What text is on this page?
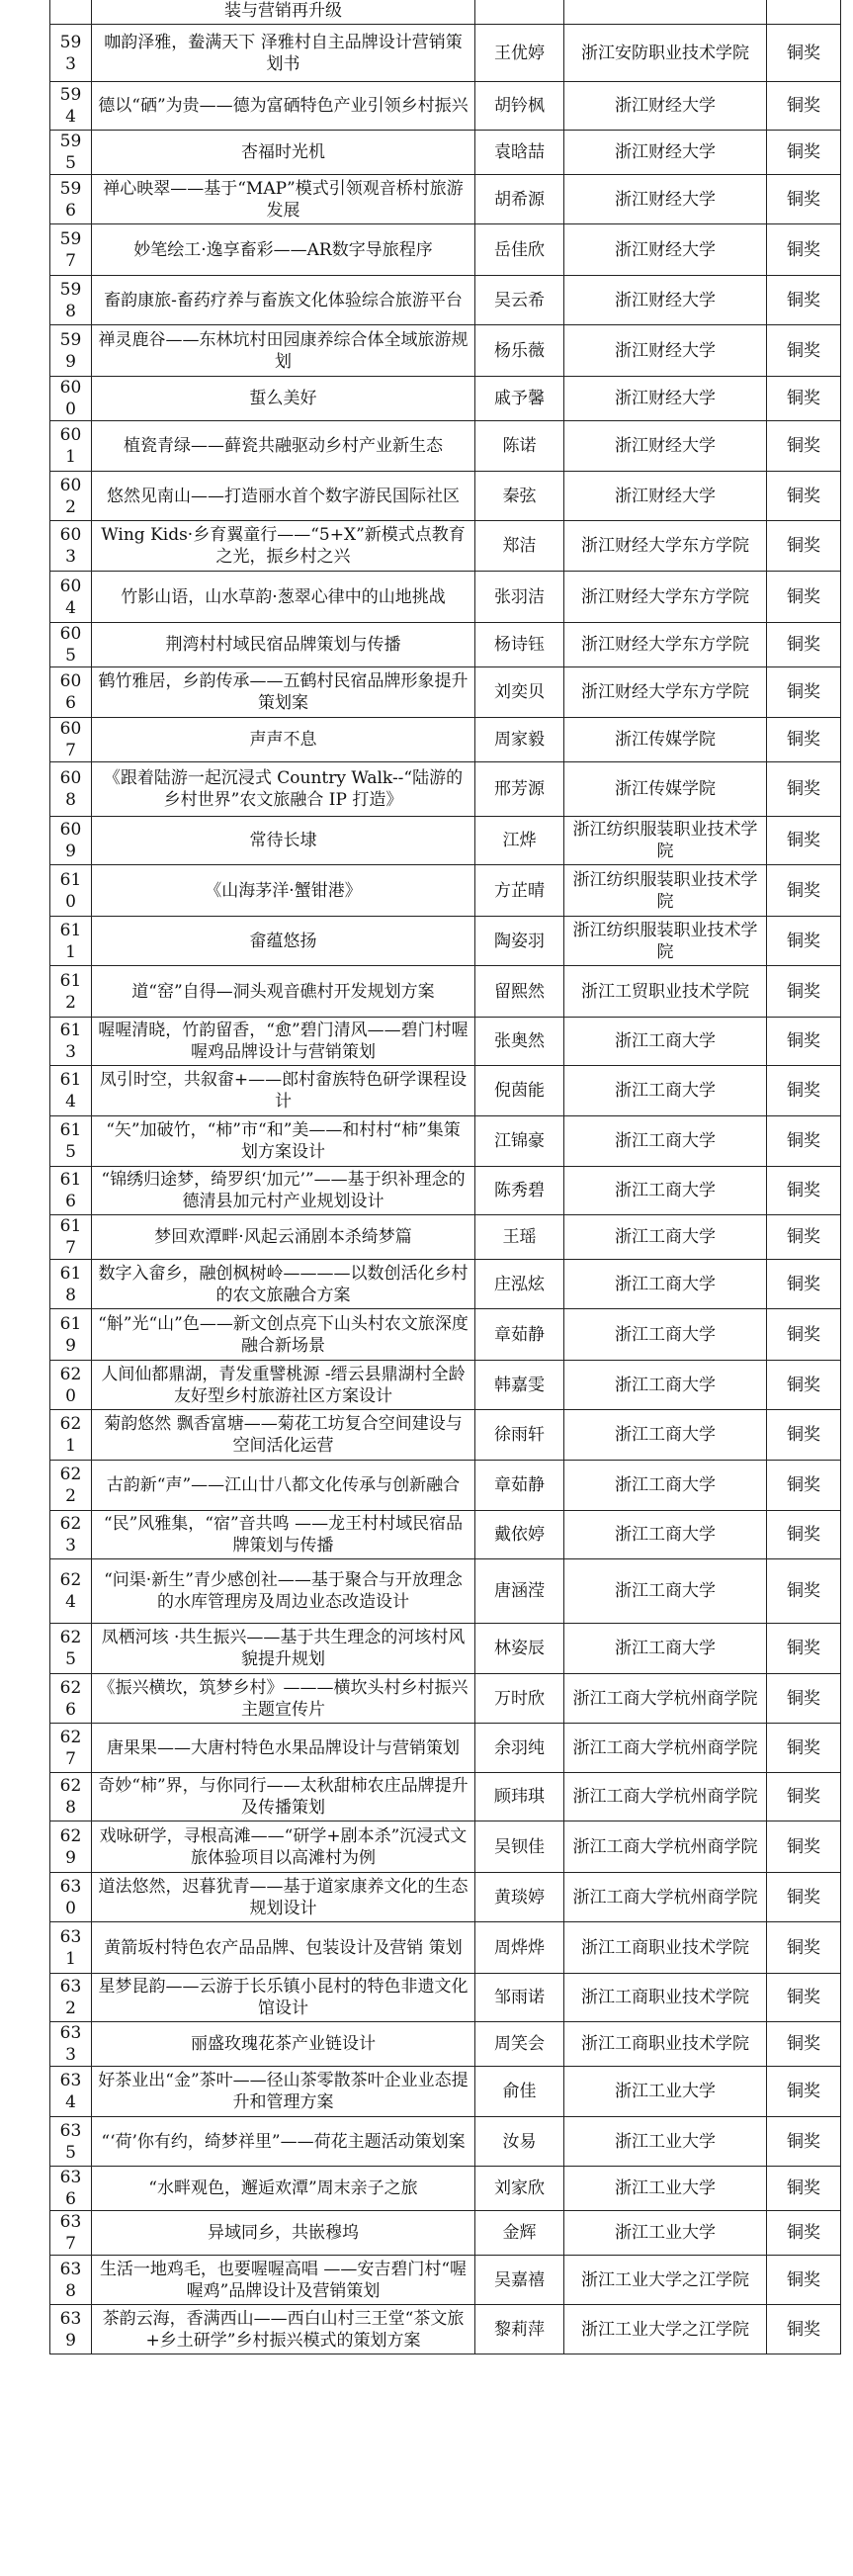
	装与营销再升级			
593	咖韵泽雅，鲞满天下 泽雅村自主品牌设计营销策划书	王优婷	浙江安防职业技术学院	铜奖
594	德以“硒”为贵——德为富硒特色产业引领乡村振兴	胡钤枫	浙江财经大学	铜奖
595	杏福时光机	袁晗喆	浙江财经大学	铜奖
596	禅心映翠——基于“MAP”模式引领观音桥村旅游发展	胡希源	浙江财经大学	铜奖
597	妙笔绘工·逸享畜彩——AR数字导旅程序	岳佳欣	浙江财经大学	铜奖
598	畜韵康旅-畜药疗养与畜族文化体验综合旅游平台	吴云希	浙江财经大学	铜奖
599	禅灵鹿谷——东林坑村田园康养综合体全域旅游规划	杨乐薇	浙江财经大学	铜奖
600	蜇么美好	戚予馨	浙江财经大学	铜奖
601	植瓷青绿——藓瓷共融驱动乡村产业新生态	陈诺	浙江财经大学	铜奖
602	悠然见南山——打造丽水首个数字游民国际社区	秦弦	浙江财经大学	铜奖
603	Wing Kids·乡育翼童行——“5+X”新模式点教育之光，振乡村之兴	郑洁	浙江财经大学东方学院	铜奖
604	竹影山语，山水草韵·葱翠心律中的山地挑战	张羽洁	浙江财经大学东方学院	铜奖
605	荆湾村村域民宿品牌策划与传播	杨诗钰	浙江财经大学东方学院	铜奖
606	鹤竹雅居，乡韵传承——五鹤村民宿品牌形象提升策划案	刘奕贝	浙江财经大学东方学院	铜奖
607	声声不息	周家毅	浙江传媒学院	铜奖
608	《跟着陆游一起沉浸式 Country Walk--“陆游的乡村世界”农文旅融合 IP 打造》	邢芳源	浙江传媒学院	铜奖
609	常待长埭	江烨	浙江纺织服装职业技术学院	铜奖
610	《山海茅洋·蟹钳港》	方芷晴	浙江纺织服装职业技术学院	铜奖
611	畲蕴悠扬	陶姿羽	浙江纺织服装职业技术学院	铜奖
612	道“窑”自得—洞头观音礁村开发规划方案	留熙然	浙江工贸职业技术学院	铜奖
613	喔喔清晓，竹韵留香，“愈”碧门清风——碧门村喔喔鸡品牌设计与营销策划	张奥然	浙江工商大学	铜奖
614	凤引时空，共叙畲+——郎村畲族特色研学课程设计	倪茵能	浙江工商大学	铜奖
615	“矢”加破竹，“柿”市“和”美——和村村“柿”集策划方案设计	江锦豪	浙江工商大学	铜奖
616	“锦绣归途梦，绮罗织‘加元’”——基于织补理念的德清县加元村产业规划设计	陈秀碧	浙江工商大学	铜奖
617	梦回欢潭畔·风起云涌剧本杀绮梦篇	王瑶	浙江工商大学	铜奖
618	数字入畲乡，融创枫树岭————以数创活化乡村的农文旅融合方案	庄泓炫	浙江工商大学	铜奖
619	“斛”光“山”色——新文创点亮下山头村农文旅深度融合新场景	章茹静	浙江工商大学	铜奖
620	人间仙都鼎湖，青发重譬桃源 -缙云县鼎湖村全龄友好型乡村旅游社区方案设计	韩嘉雯	浙江工商大学	铜奖
621	菊韵悠然 飘香富塘——菊花工坊复合空间建设与空间活化运营	徐雨轩	浙江工商大学	铜奖
622	古韵新“声”——江山廿八都文化传承与创新融合	章茹静	浙江工商大学	铜奖
623	“民”风雅集，“宿”音共鸣 ——龙王村村域民宿品牌策划与传播	戴依婷	浙江工商大学	铜奖
624	“问渠·新生”青少感创社——基于聚合与开放理念的水库管理房及周边业态改造设计	唐涵滢	浙江工商大学	铜奖
625	凤栖河垓 ·共生振兴——基于共生理念的河垓村风貌提升规划	林姿辰	浙江工商大学	铜奖
626	《振兴横坎，筑梦乡村》———横坎头村乡村振兴主题宣传片	万时欣	浙江工商大学杭州商学院	铜奖
627	唐果果——大唐村特色水果品牌设计与营销策划	余羽纯	浙江工商大学杭州商学院	铜奖
628	奇妙“柿”界，与你同行——太秋甜柿农庄品牌提升及传播策划	顾玮琪	浙江工商大学杭州商学院	铜奖
629	戏咏研学，寻根高滩——“研学+剧本杀”沉浸式文旅体验项目以高滩村为例	吴钡佳	浙江工商大学杭州商学院	铜奖
630	道法悠然，迟暮犹青——基于道家康养文化的生态规划设计	黄琰婷	浙江工商大学杭州商学院	铜奖
631	黄箭坂村特色农产品品牌、包装设计及营销 策划	周烨烨	浙江工商职业技术学院	铜奖
632	星梦昆韵——云游于长乐镇小昆村的特色非遗文化馆设计	邹雨诺	浙江工商职业技术学院	铜奖
633	丽盛玫瑰花茶产业链设计	周笑会	浙江工商职业技术学院	铜奖
634	好茶业出“金”茶叶——径山茶零散茶叶企业业态提升和管理方案	俞佳	浙江工业大学	铜奖
635	“‘荷’你有约，绮梦祥里”——荷花主题活动策划案	汝易	浙江工业大学	铜奖
636	“水畔观色，邂逅欢潭”周末亲子之旅	刘家欣	浙江工业大学	铜奖
637	异域同乡，共嵌穆坞	金辉	浙江工业大学	铜奖
638	生活一地鸡毛，也要喔喔高唱 ——安吉碧门村“喔喔鸡”品牌设计及营销策划	吴嘉禧	浙江工业大学之江学院	铜奖
639	茶韵云海，香满西山——西白山村三王堂“茶文旅+乡土研学”乡村振兴模式的策划方案	黎莉萍	浙江工业大学之江学院	铜奖
